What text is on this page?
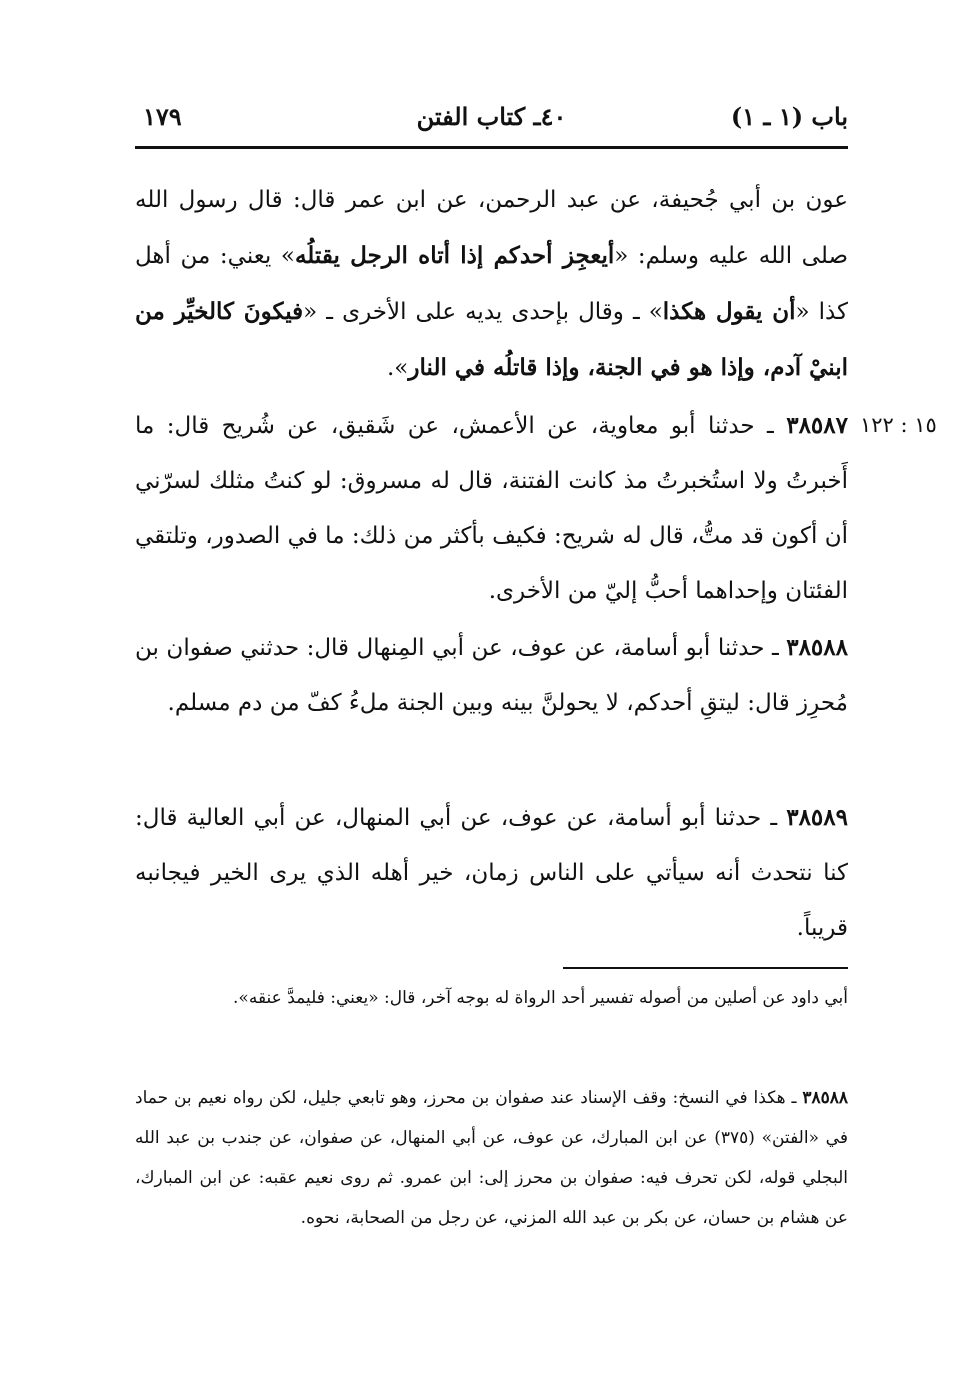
باب (١ ـ ١)
٤٠ـ كتاب الفتن
١٧٩
١٥ : ١٢٢

عون بن أبي جُحيفة، عن عبد الرحمن، عن ابن عمر قال: قال رسول الله صلى الله عليه وسلم: «أيعجِز أحدكم إذا أتاه الرجل يقتلُه» يعني: من أهل كذا «أن يقول هكذا» ـ وقال بإحدى يديه على الأخرى ـ «فيكونَ كالخيِّر من ابنيْ آدم، وإذا هو في الجنة، وإذا قاتلُه في النار».

٣٨٥٨٧ ـ حدثنا أبو معاوية، عن الأعمش، عن شَقيق، عن شُريح قال: ما أَخبرتُ ولا استُخبرتُ مذ كانت الفتنة، قال له مسروق: لو كنتُ مثلك لسرّني أن أكون قد متُّ، قال له شريح: فكيف بأكثر من ذلك: ما في الصدور، وتلتقي الفئتان وإحداهما أحبُّ إليّ من الأخرى.

٣٨٥٨٨ ـ حدثنا أبو أسامة، عن عوف، عن أبي المِنهال قال: حدثني صفوان بن مُحرِز قال: ليتقِ أحدكم، لا يحولنَّ بينه وبين الجنة ملءُ كفّ من دم مسلم.

٣٨٥٨٩ ـ حدثنا أبو أسامة، عن عوف، عن أبي المنهال، عن أبي العالية قال: كنا نتحدث أنه سيأتي على الناس زمان، خير أهله الذي يرى الخير فيجانبه قريباً.

أبي داود عن أصلين من أصوله تفسير أحد الرواة له بوجه آخر، قال: «يعني: فليمدَّ عنقه».

٣٨٥٨٨ ـ هكذا في النسخ: وقف الإسناد عند صفوان بن محرز، وهو تابعي جليل، لكن رواه نعيم بن حماد في «الفتن» (٣٧٥) عن ابن المبارك، عن عوف، عن أبي المنهال، عن صفوان، عن جندب بن عبد الله البجلي قوله، لكن تحرف فيه: صفوان بن محرز إلى: ابن عمرو. ثم روى نعيم عقبه: عن ابن المبارك، عن هشام بن حسان، عن بكر بن عبد الله المزني، عن رجل من الصحابة، نحوه.
